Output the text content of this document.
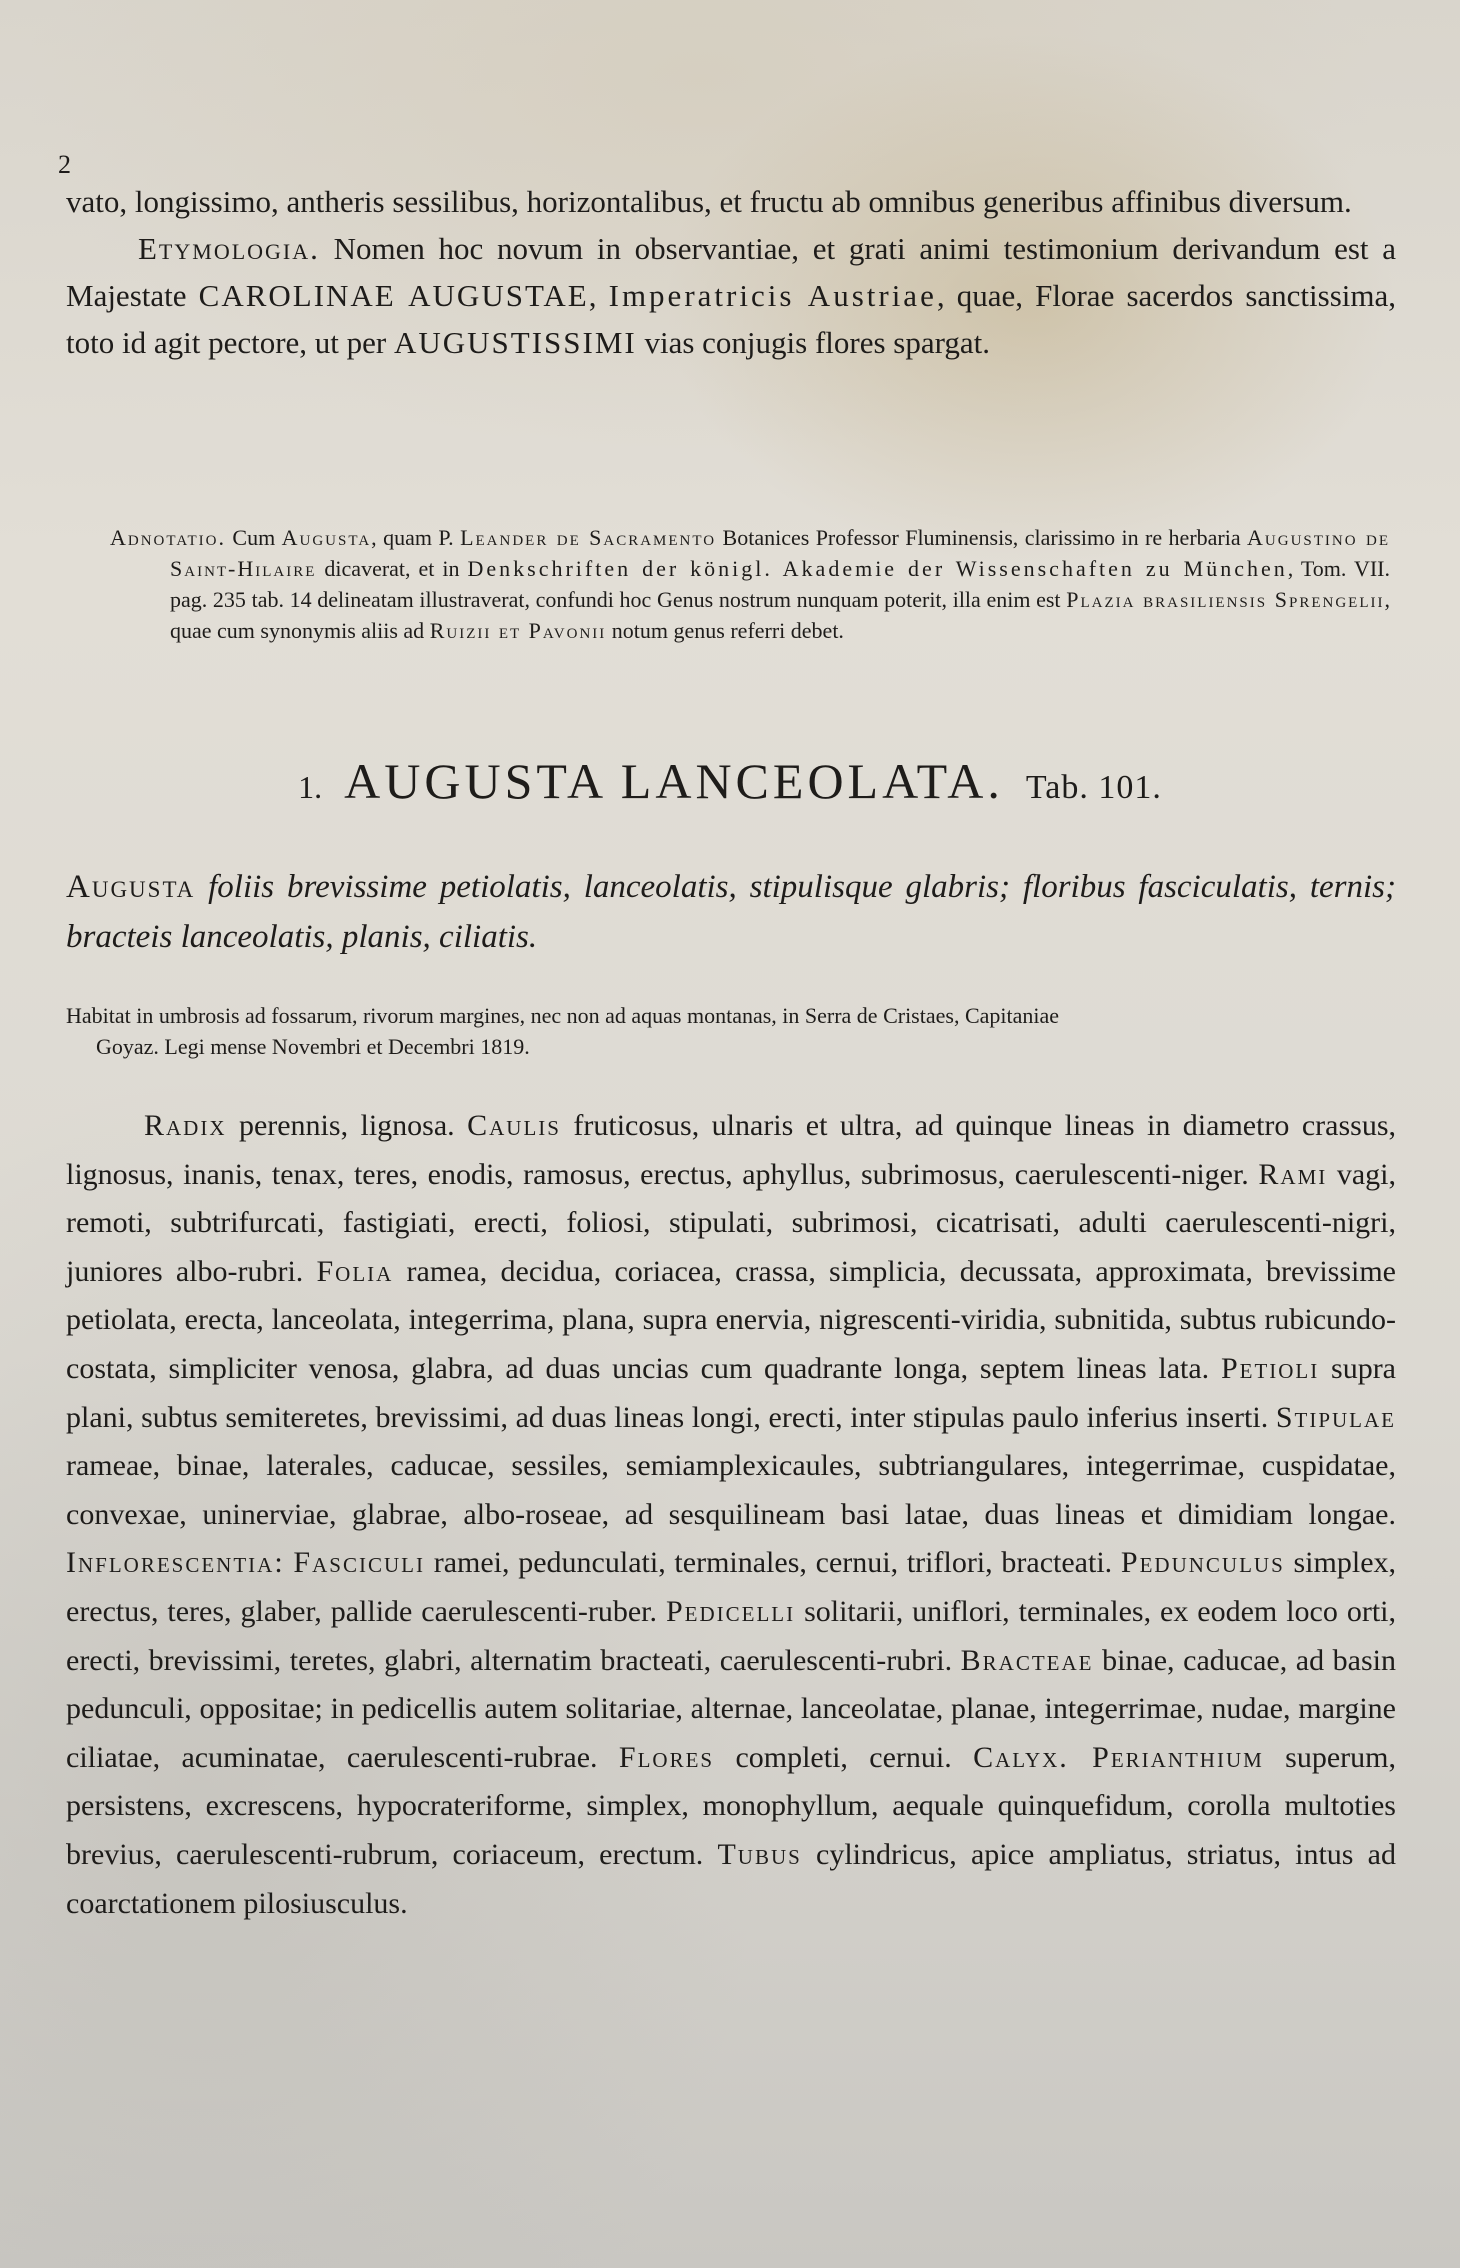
2

vato, longissimo, antheris sessilibus, horizontalibus, et fructu ab omnibus generibus affinibus diversum.

Etymologia. Nomen hoc novum in observantiae, et grati animi testimonium derivandum est a Majestate CAROLINAE AUGUSTAE, Imperatricis Austriae, quae, Florae sacerdos sanctissima, toto id agit pectore, ut per AUGUSTISSIMI vias conjugis flores spargat.

Adnotatio. Cum Augusta, quam P. Leander de Sacramento Botanices Professor Fluminensis, clarissimo in re herbaria Augustino de Saint-Hilaire dicaverat, et in Denkschriften der königl. Akademie der Wissenschaften zu München, Tom. VII. pag. 235 tab. 14 delineatam illustraverat, confundi hoc Genus nostrum nunquam poterit, illa enim est Plazia brasiliensis Sprengelii, quae cum synonymis aliis ad Ruizii et Pavonii notum genus referri debet.
1. AUGUSTA LANCEOLATA. Tab. 101.
Augusta foliis brevissime petiolatis, lanceolatis, stipulisque glabris; floribus fasciculatis, ternis; bracteis lanceolatis, planis, ciliatis.
Habitat in umbrosis ad fossarum, rivorum margines, nec non ad aquas montanas, in Serra de Cristaes, Capitaniae
Goyaz. Legi mense Novembri et Decembri 1819.
Radix perennis, lignosa. Caulis fruticosus, ulnaris et ultra, ad quinque lineas in diametro crassus, lignosus, inanis, tenax, teres, enodis, ramosus, erectus, aphyllus, subrimosus, caerulescenti-niger. Rami vagi, remoti, subtrifurcati, fastigiati, erecti, foliosi, stipulati, subrimosi, cicatrisati, adulti caerulescenti-nigri, juniores albo-rubri. Folia ramea, decidua, coriacea, crassa, simplicia, decussata, approximata, brevissime petiolata, erecta, lanceolata, integerrima, plana, supra enervia, nigrescenti-viridia, subnitida, subtus rubicundo-costata, simpliciter venosa, glabra, ad duas uncias cum quadrante longa, septem lineas lata. Petioli supra plani, subtus semiteretes, brevissimi, ad duas lineas longi, erecti, inter stipulas paulo inferius inserti. Stipulae rameae, binae, laterales, caducae, sessiles, semiamplexicaules, subtriangulares, integerrimae, cuspidatae, convexae, uninerviae, glabrae, albo-roseae, ad sesquilineam basi latae, duas lineas et dimidiam longae. Inflorescentia: Fasciculi ramei, pedunculati, terminales, cernui, triflori, bracteati. Pedunculus simplex, erectus, teres, glaber, pallide caerulescenti-ruber. Pedicelli solitarii, uniflori, terminales, ex eodem loco orti, erecti, brevissimi, teretes, glabri, alternatim bracteati, caerulescenti-rubri. Bracteae binae, caducae, ad basin pedunculi, oppositae; in pedicellis autem solitariae, alternae, lanceolatae, planae, integerrimae, nudae, margine ciliatae, acuminatae, caerulescenti-rubrae. Flores completi, cernui. Calyx. Perianthium superum, persistens, excrescens, hypocrateriforme, simplex, monophyllum, aequale quinquefidum, corolla multoties brevius, caerulescenti-rubrum, coriaceum, erectum. Tubus cylindricus, apice ampliatus, striatus, intus ad coarctationem pilosiusculus.
